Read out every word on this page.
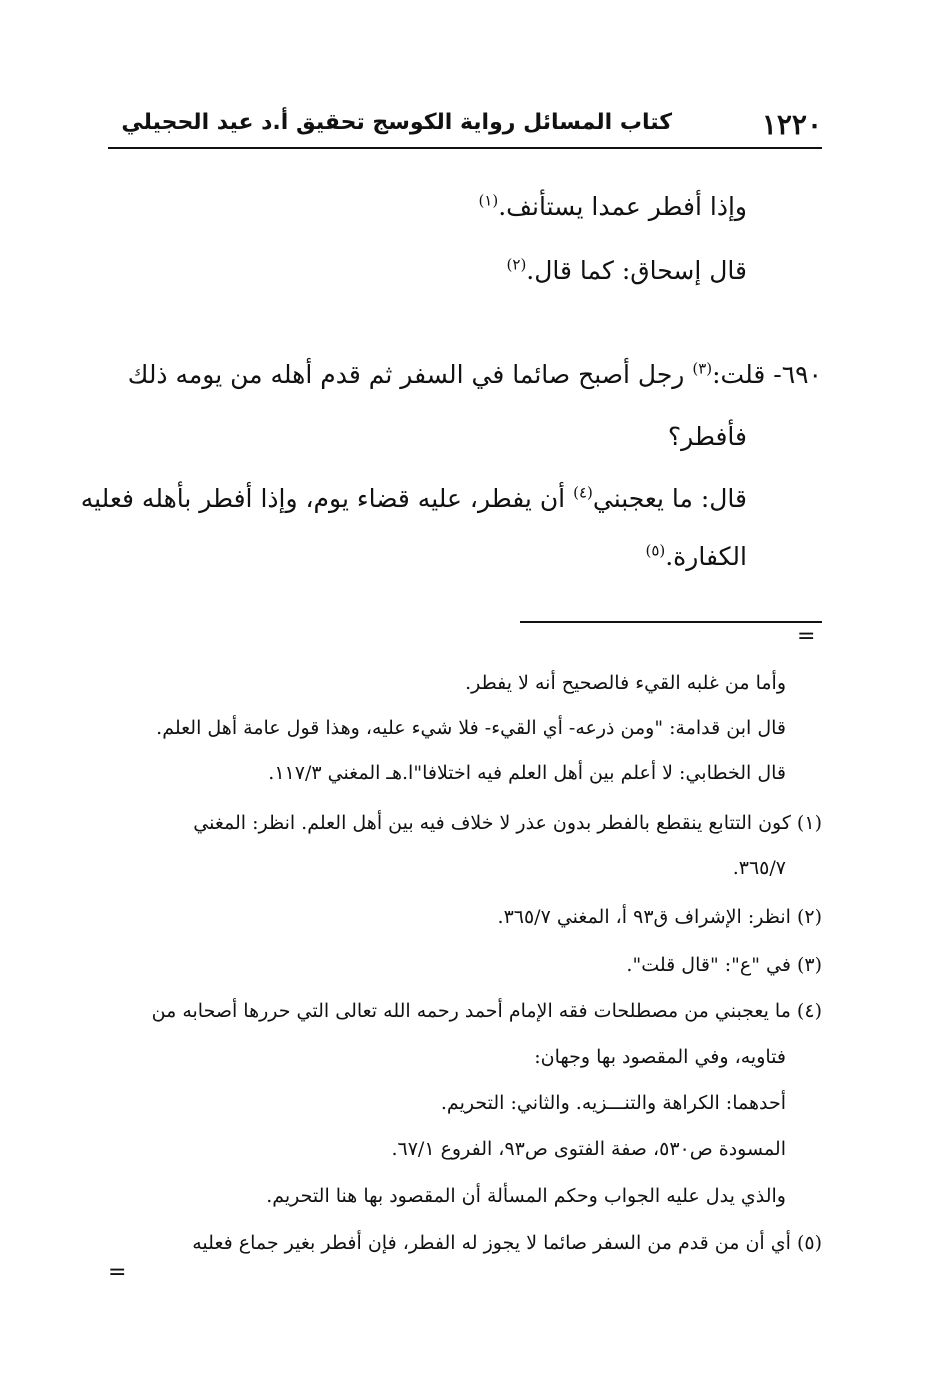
١٢٢٠
كتاب المسائل رواية الكوسج تحقيق أ.د عيد الحجيلي
وإذا أفطر عمدا يستأنف.$^{(١)}$
قال إسحاق: كما قال.$^{(٢)}$
٦٩٠- قلت:$^{(٣)}$ رجل أصبح صائما في السفر ثم قدم أهله من يومه ذلك
فأفطر؟
قال: ما يعجبني$^{(٤)}$ أن يفطر، عليه قضاء يوم، وإذا أفطر بأهله فعليه
الكفارة.$^{(٥)}$
=
وأما من غلبه القيء فالصحيح أنه لا يفطر.
قال ابن قدامة: "ومن ذرعه- أي القيء- فلا شيء عليه، وهذا قول عامة أهل العلم.
قال الخطابي: لا أعلم بين أهل العلم فيه اختلافا"ا.هـ المغني ١١٧/٣.
(١) كون التتابع ينقطع بالفطر بدون عذر لا خلاف فيه بين أهل العلم. انظر: المغني
٣٦٥/٧.
(٢) انظر: الإشراف ق٩٣ أ، المغني ٣٦٥/٧.
(٣) في "ع": "قال قلت".
(٤) ما يعجبني من مصطلحات فقه الإمام أحمد رحمه الله تعالى التي حررها أصحابه من
فتاويه، وفي المقصود بها وجهان:
أحدهما: الكراهة والتنـــزيه. والثاني: التحريم.
المسودة ص٥٣٠، صفة الفتوى ص٩٣، الفروع ٦٧/١.
والذي يدل عليه الجواب وحكم المسألة أن المقصود بها هنا التحريم.
(٥) أي أن من قدم من السفر صائما لا يجوز له الفطر، فإن أفطر بغير جماع فعليه
=
